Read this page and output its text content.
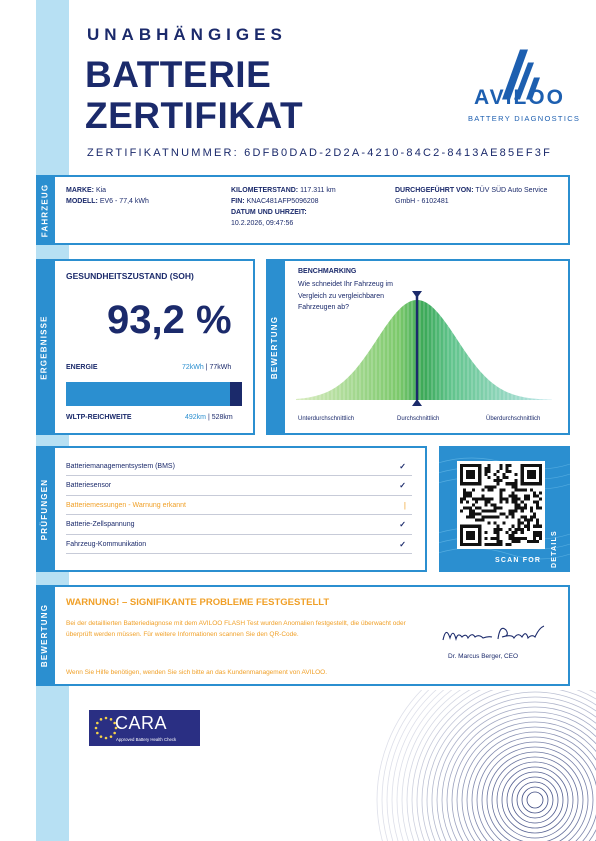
UNABHÄNGIGES
BATTERIE
ZERTIFIKAT
ZERTIFIKATNUMMER: 6DFB0DAD-2D2A-4210-84C2-8413AE85EF3F
AVILOO
BATTERY DIAGNOSTICS
FAHRZEUG MARKE: Kia
MODELL: EV6 - 77,4 kWh
KILOMETERSTAND: 117.311 km
FIN: KNAC481AFP5096208
DATUM UND UHRZEIT:
10.2.2026, 09:47:56
DURCHGEFÜHRT VON: TÜV SÜD Auto Service GmbH - 6102481
ERGEBNISSE
GESUNDHEITSZUSTAND (SOH)
93,2 %
ENERGIE	72kWh | 77kWh
WLTP-REICHWEITE	492km | 528km
BEWERTUNG
BENCHMARKING
Wie schneidet Ihr Fahrzeug im Vergleich zu vergleichbaren Fahrzeugen ab?
Unterdurchschnittlich	Durchschnittlich	Überdurchschnittlich
PRÜFUNGEN
Batteriemanagementsystem (BMS)	✓
Batteriesensor	✓
Batteriemessungen - Warnung erkannt	|
Batterie-Zellspannung	✓
Fahrzeug-Kommunikation	✓
SCAN FOR DETAILS
BEWERTUNG
WARNUNG! – SIGNIFIKANTE PROBLEME FESTGESTELLT
Bei der detaillierten Batteriediagnose mit dem AVILOO FLASH Test wurden Anomalien festgestellt, die überwacht oder überprüft werden müssen. Für weitere Informationen scannen Sie den QR-Code.
Wenn Sie Hilfe benötigen, wenden Sie sich bitte an das Kundenmanagement von AVILOO.
Dr. Marcus Berger, CEO
CARA
Approved Battery Health Check
